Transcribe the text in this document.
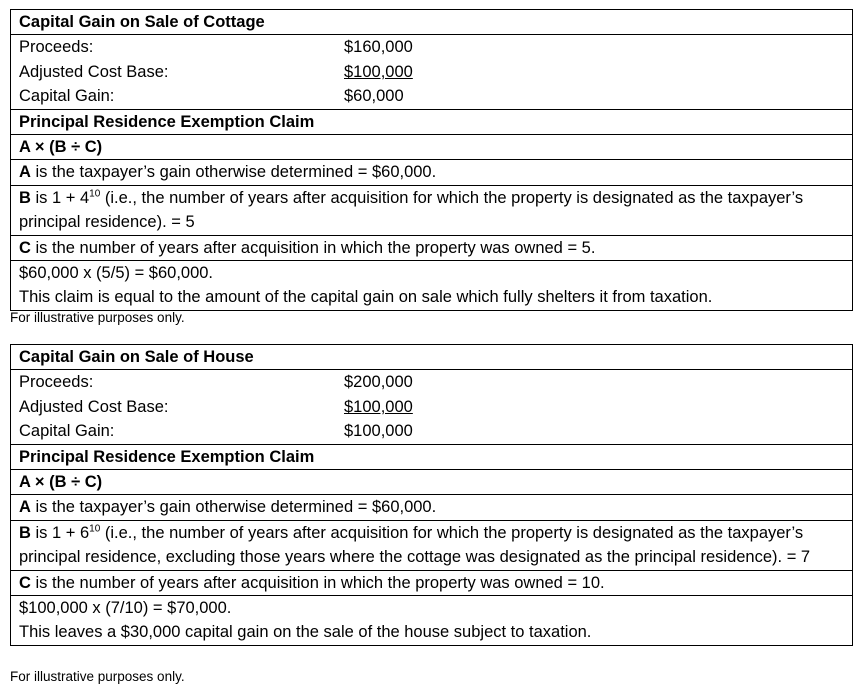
Capital Gain on Sale of Cottage

Proceeds:	$160,000
Adjusted Cost Base:	$100,000
Capital Gain:	$60,000

Principal Residence Exemption Claim
A × (B ÷ C)
A is the taxpayer’s gain otherwise determined = $60,000.
B is $1 + 4^{10}$ (i.e., the number of years after acquisition for which the property is designated as the taxpayer’s principal residence). = 5
C is the number of years after acquisition in which the property was owned = 5.

$60,000 x (5/5) = $60,000.
This claim is equal to the amount of the capital gain on sale which fully shelters it from taxation.
For illustrative purposes only.
Capital Gain on Sale of House

Proceeds:	$200,000
Adjusted Cost Base:	$100,000
Capital Gain:	$100,000

Principal Residence Exemption Claim
A × (B ÷ C)
A is the taxpayer’s gain otherwise determined = $60,000.
B is $1 + 6^{10}$ (i.e., the number of years after acquisition for which the property is designated as the taxpayer’s principal residence, excluding those years where the cottage was designated as the principal residence). = 7
C is the number of years after acquisition in which the property was owned = 10.

$100,000 x (7/10) = $70,000.
This leaves a $30,000 capital gain on the sale of the house subject to taxation.
For illustrative purposes only.
